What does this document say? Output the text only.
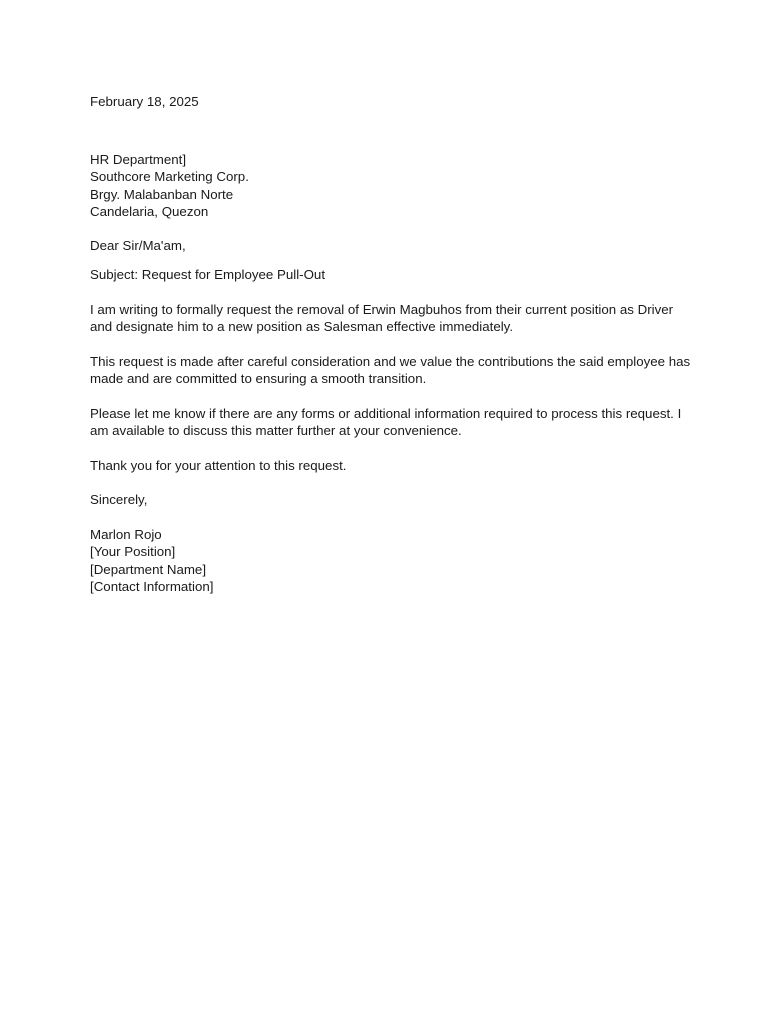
February 18, 2025
HR Department]
Southcore Marketing Corp.
Brgy. Malabanban Norte
Candelaria, Quezon
Dear Sir/Ma'am,
Subject: Request for Employee Pull-Out
I am writing to formally request the removal of Erwin Magbuhos from their current position as Driver
and designate him to a new position as Salesman effective immediately.
This request is made after careful consideration and we value the contributions the said employee has
made and are committed to ensuring a smooth transition.
Please let me know if there are any forms or additional information required to process this request. I
am available to discuss this matter further at your convenience.
Thank you for your attention to this request.
Sincerely,
Marlon Rojo
[Your Position]
[Department Name]
[Contact Information]
